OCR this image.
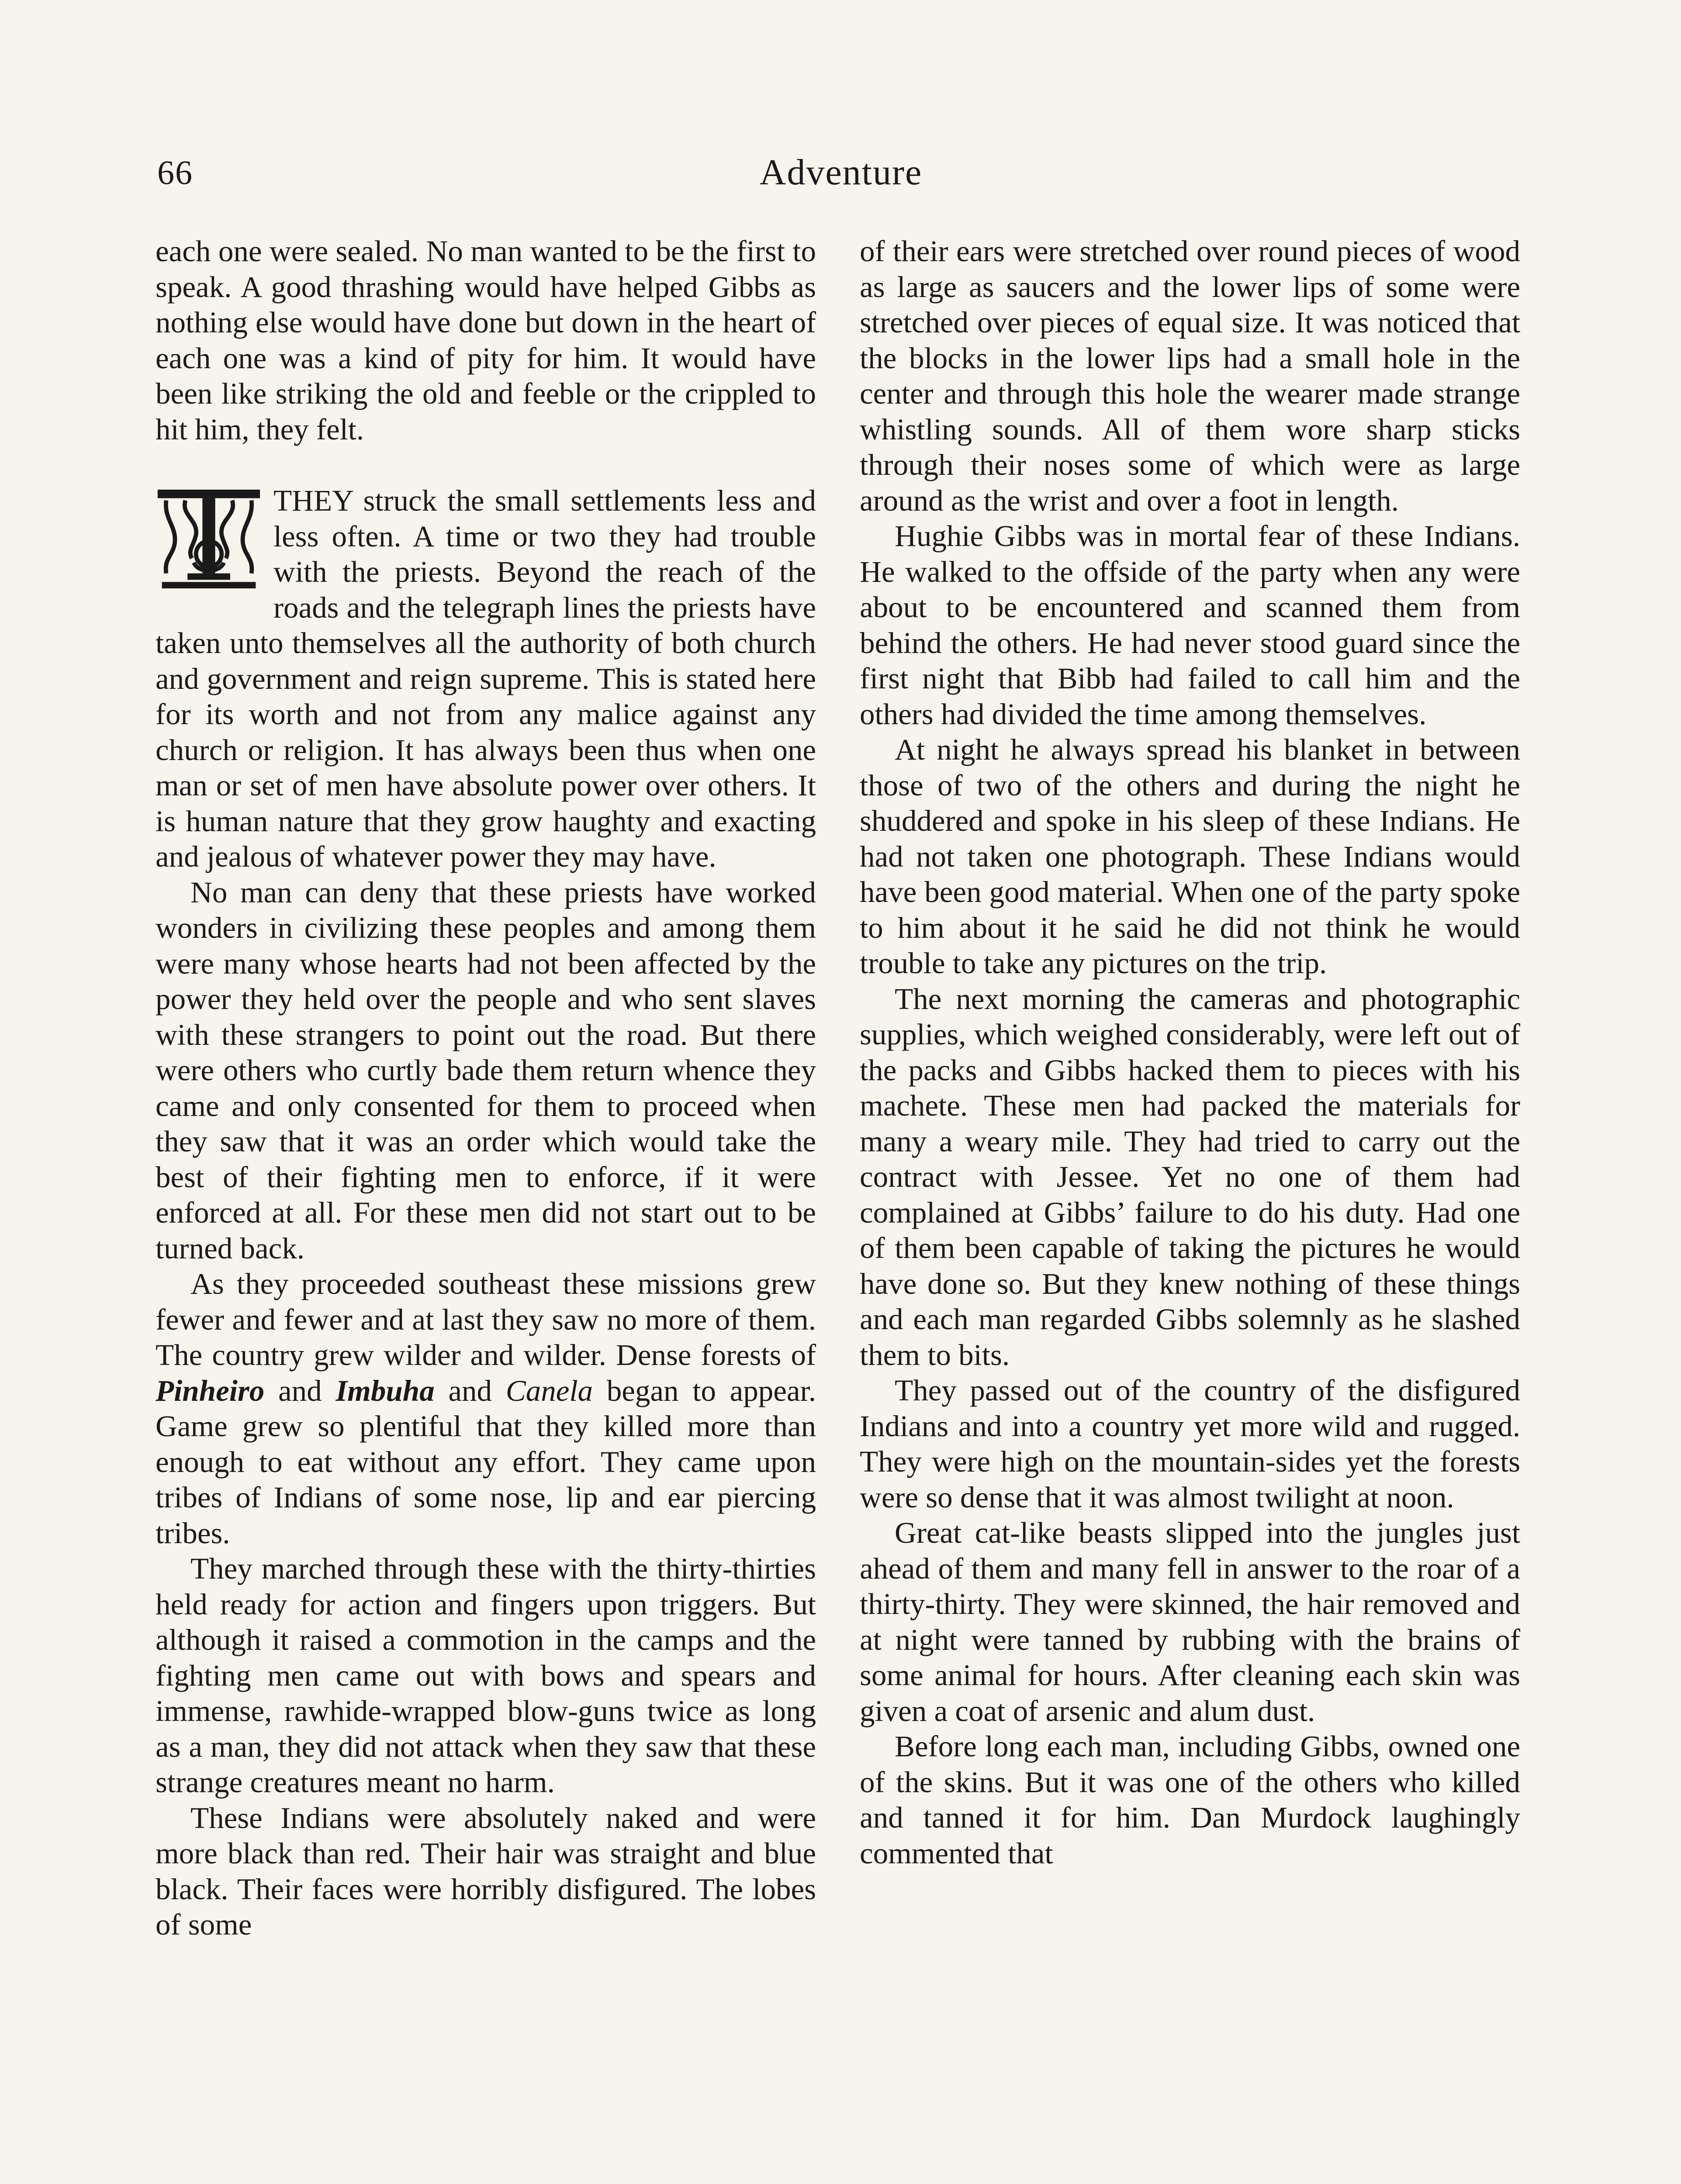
66	Adventure

each one were sealed. No man wanted to be the first to speak. A good thrashing would have helped Gibbs as nothing else would have done but down in the heart of each one was a kind of pity for him. It would have been like striking the old and feeble or the crippled to hit him, they felt.

THEY struck the small settlements less and less often. A time or two they had trouble with the priests. Beyond the reach of the roads and the telegraph lines the priests have taken unto themselves all the authority of both church and government and reign supreme. This is stated here for its worth and not from any malice against any church or religion. It has always been thus when one man or set of men have absolute power over others. It is human nature that they grow haughty and exacting and jealous of whatever power they may have.

No man can deny that these priests have worked wonders in civilizing these peoples and among them were many whose hearts had not been affected by the power they held over the people and who sent slaves with these strangers to point out the road. But there were others who curtly bade them return whence they came and only consented for them to proceed when they saw that it was an order which would take the best of their fighting men to enforce, if it were enforced at all. For these men did not start out to be turned back.

As they proceeded southeast these missions grew fewer and fewer and at last they saw no more of them. The country grew wilder and wilder. Dense forests of Pinheiro and Imbuha and Canela began to appear. Game grew so plentiful that they killed more than enough to eat without any effort. They came upon tribes of Indians of some nose, lip and ear piercing tribes.

They marched through these with the thirty-thirties held ready for action and fingers upon triggers. But although it raised a commotion in the camps and the fighting men came out with bows and spears and immense, rawhide-wrapped blow-guns twice as long as a man, they did not attack when they saw that these strange creatures meant no harm.

These Indians were absolutely naked and were more black than red. Their hair was straight and blue black. Their faces were horribly disfigured. The lobes of some

of their ears were stretched over round pieces of wood as large as saucers and the lower lips of some were stretched over pieces of equal size. It was noticed that the blocks in the lower lips had a small hole in the center and through this hole the wearer made strange whistling sounds. All of them wore sharp sticks through their noses some of which were as large around as the wrist and over a foot in length.

Hughie Gibbs was in mortal fear of these Indians. He walked to the offside of the party when any were about to be encountered and scanned them from behind the others. He had never stood guard since the first night that Bibb had failed to call him and the others had divided the time among themselves.

At night he always spread his blanket in between those of two of the others and during the night he shuddered and spoke in his sleep of these Indians. He had not taken one photograph. These Indians would have been good material. When one of the party spoke to him about it he said he did not think he would trouble to take any pictures on the trip.

The next morning the cameras and photographic supplies, which weighed considerably, were left out of the packs and Gibbs hacked them to pieces with his machete. These men had packed the materials for many a weary mile. They had tried to carry out the contract with Jessee. Yet no one of them had complained at Gibbs’ failure to do his duty. Had one of them been capable of taking the pictures he would have done so. But they knew nothing of these things and each man regarded Gibbs solemnly as he slashed them to bits.

They passed out of the country of the disfigured Indians and into a country yet more wild and rugged. They were high on the mountain-sides yet the forests were so dense that it was almost twilight at noon.

Great cat-like beasts slipped into the jungles just ahead of them and many fell in answer to the roar of a thirty-thirty. They were skinned, the hair removed and at night were tanned by rubbing with the brains of some animal for hours. After cleaning each skin was given a coat of arsenic and alum dust.

Before long each man, including Gibbs, owned one of the skins. But it was one of the others who killed and tanned it for him. Dan Murdock laughingly commented that
